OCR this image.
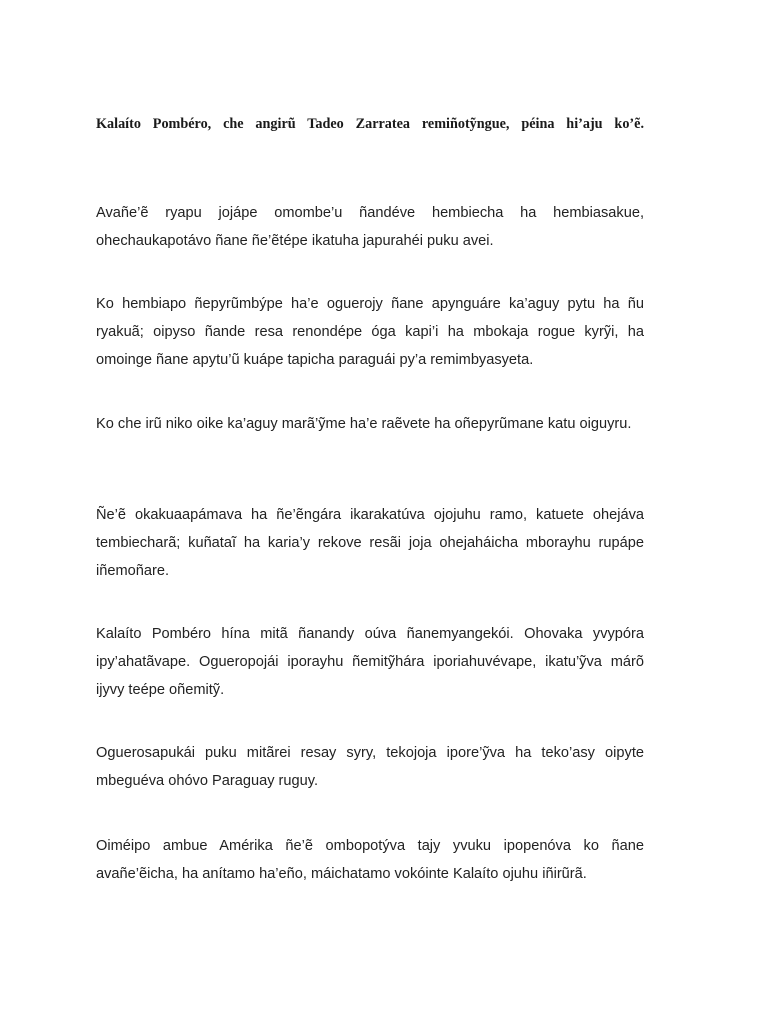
Kalaíto Pombéro, che angirũ Tadeo Zarratea remiñotỹngue, péina hi’aju ko’ẽ.

Avañe’ẽ ryapu jojápe omombe’u ñandéve hembiecha ha hembiasakue, ohechaukapotávo ñane ñe’ẽtépe ikatuha japurahéi puku avei.

Ko hembiapo ñepyrũmbýpe ha’e oguerojy ñane apynguáre ka’aguy pytu ha ñu ryakuã; oipyso ñande resa renondépe óga kapi’i ha mbokaja rogue kyrỹi, ha omoinge ñane apytu’ũ kuápe tapicha paraguái py’a remimbyasyeta.

Ko che irũ niko oike ka’aguy marã’ỹme ha’e raẽvete ha oñepyrũmane katu oiguyru.

Ñe’ẽ okakuaapámava ha ñe’ẽngára ikarakatúva ojojuhu ramo, katuete ohejáva tembiecharã; kuñataĩ ha karia’y rekove resãi joja ohejaháicha mborayhu rupápe iñemoñare.

Kalaíto Pombéro hína mitã ñanandy oúva ñanemyangekói. Ohovaka yvypóra ipy’ahatãvape. Ogueropojái iporayhu ñemitỹhára iporiahuvévape, ikatu’ỹva márõ ijyvy teépe oñemitỹ.

Oguerosapukái puku mitãrei resay syry, tekojoja ipore’ỹva ha teko’asy oipyte mbeguéva ohóvo Paraguay ruguy.

Oiméipo ambue Amérika ñe’ẽ ombopotýva tajy yvuku ipopenóva ko ñane avañe’ẽicha, ha anítamo ha’eño, máichatamo vokóinte Kalaíto ojuhu iñirũrã.
